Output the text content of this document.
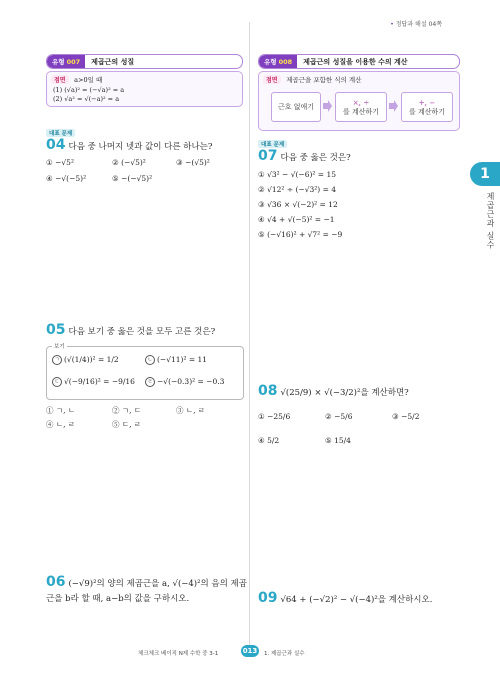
• 정답과 해설 04쪽
유형 007 제곱근의 성질
점면 a>0일 때
(1) (√a)² = (−√a)² = a
(2) √a² = √(−a)² = a
대표 문제
04 다음 중 나머지 넷과 값이 다른 하나는?
① −√5²	② (−√5)²	③ −(√5)²
④ −√(−5)²	⑤ −(−√5)²
05 다음 보기 중 옳은 것을 모두 고른 것은?
보기
ㄱ (√(1/4))² = 1/2	ㄴ (−√11)² = 11
ㄷ √(−9/16)² = −9/16	ㄹ −√(−0.3)² = −0.3
① ㄱ, ㄴ	② ㄱ, ㄷ	③ ㄴ, ㄹ
④ ㄴ, ㄹ	⑤ ㄷ, ㄹ
06 (−√9)²의 양의 제곱근을 a, √(−4)²의 음의 제곱
근을 b라 할 때, a−b의 값을 구하시오.
유형 008 제곱근의 성질을 이용한 수의 계산
점면 제곱근을 포함한 식의 계산
근호 없애기
×, ÷
를 계산하기
+, −
를 계산하기
대표 문제
07 다음 중 옳은 것은?
① √3² − √(−6)² = 15
② √12² ÷ (−√3²) = 4
③ √36 × √(−2)² = 12
④ √4 + √(−5)² = −1
⑤ (−√16)² + √7² = −9
08 √(25/9) × √(−3/2)²을 계산하면?
① −25/6	② −5/6	③ −5/2
④ 5/2	⑤ 15/4
09 √64 + (−√2)² − √(−4)²을 계산하시오.
1
제곱근과 실수
체크체크 베이직 N제 수학 중 3-1	013	1. 제곱근과 실수
